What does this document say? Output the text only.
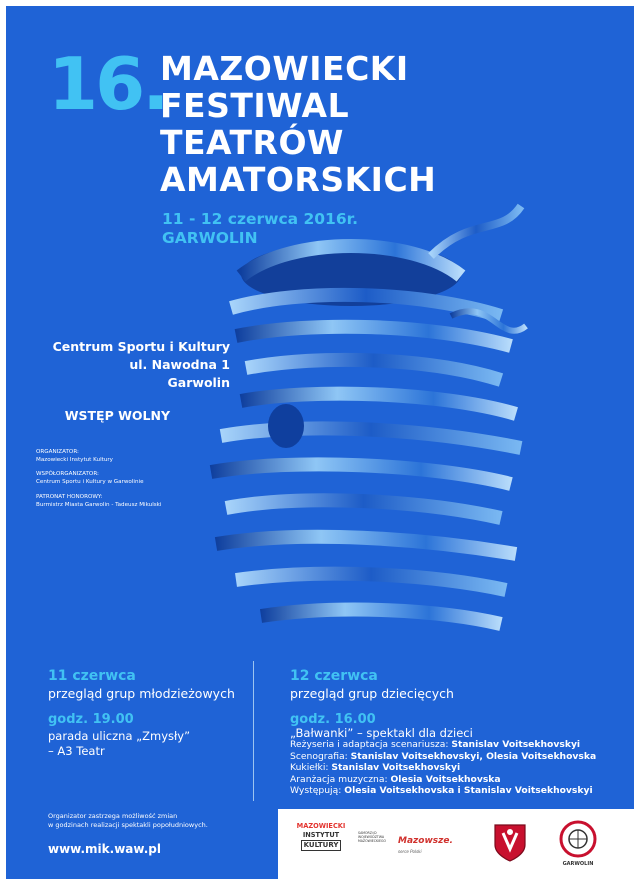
16.
MAZOWIECKI
FESTIWAL
TEATRÓW
AMATORSKICH
11 - 12 czerwca 2016r.
GARWOLIN
Centrum Sportu i Kultury
ul. Nawodna 1
Garwolin
WSTĘP WOLNY
ORGANIZATOR:
Mazowiecki Instytut Kultury
WSPÓŁORGANIZATOR:
Centrum Sportu i Kultury w Garwolinie
PATRONAT HONOROWY:
Burmistrz Miasta Garwolin - Tadeusz Mikulski
11 czerwca
przegląd grup młodzieżowych
godz. 19.00
parada uliczna „Zmysły”
– A3 Teatr
12 czerwca
przegląd grup dziecięcych
godz. 16.00
„Bałwanki” – spektakl dla dzieci
Reżyseria i adaptacja scenariusza: Stanislav Voitsekhovskyi
Scenografia: Stanislav Voitsekhovskyi, Olesia Voitsekhovska
Kukiełki: Stanislav Voitsekhovskyi
Aranżacja muzyczna: Olesia Voitsekhovska
Występują: Olesia Voitsekhovska i Stanislav Voitsekhovskyi
Organizator zastrzega możliwość zmian
w godzinach realizacji spektakli popołudniowych.
www.mik.waw.pl
MAZOWIECKI
INSTYTUT
KULTURY
SAMORZĄD WOJEWÓDZTWA MAZOWIECKIEGO	Mazowsze.
serce Polski
GARWOLIN
